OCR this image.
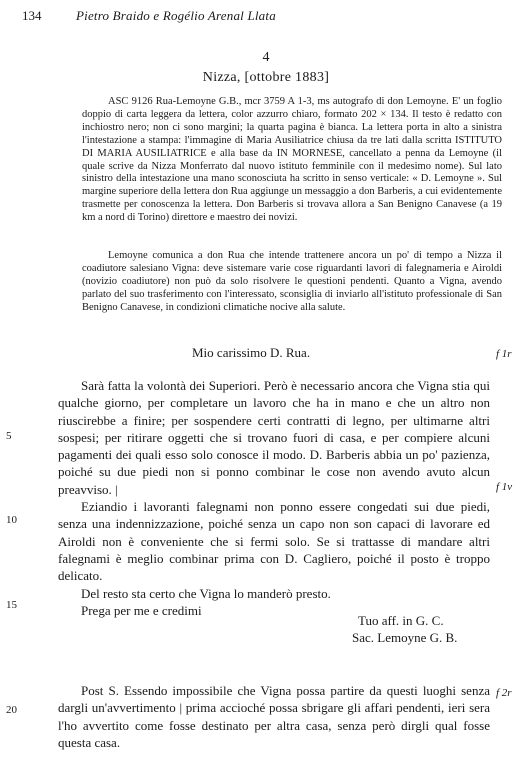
134	Pietro Braido e Rogélio Arenal Llata
4
Nizza, [ottobre 1883]

ASC 9126 Rua-Lemoyne G.B., mcr 3759 A 1-3, ms autografo di don Lemoyne. E' un foglio doppio di carta leggera da lettera, color azzurro chiaro, formato 202 × 134. Il testo è redatto con inchiostro nero; non ci sono margini; la quarta pagina è bianca. La lettera porta in alto a sinistra l'intestazione a stampa: l'immagine di Maria Ausiliatrice chiusa da tre lati dalla scritta ISTITUTO DI MARIA AUSILIATRICE e alla base da IN MORNESE, cancellato a penna da Lemoyne (il quale scrive da Nizza Monferrato dal nuovo istituto femminile con il medesimo nome). Sul lato sinistro della intestazione una mano sconosciuta ha scritto in senso verticale: « D. Lemoyne ». Sul margine superiore della lettera don Rua aggiunge un messaggio a don Barberis, a cui evidentemente trasmette per conoscenza la lettera. Don Barberis si trovava allora a San Benigno Canavese (a 19 km a nord di Torino) direttore e maestro dei novizi.

Lemoyne comunica a don Rua che intende trattenere ancora un po' di tempo a Nizza il coadiutore salesiano Vigna: deve sistemare varie cose riguardanti lavori di falegnameria e Airoldi (novizio coadiutore) non può da solo risolvere le questioni pendenti. Quanto a Vigna, avendo parlato del suo trasferimento con l'interessato, sconsiglia di inviarlo all'istituto professionale di San Benigno Canavese, in condizioni climatiche nocive alla salute.

Mio carissimo D. Rua.

Sarà fatta la volontà dei Superiori. Però è necessario ancora che Vigna stia qui qualche giorno, per completare un lavoro che ha in mano e che un altro non riuscirebbe a finire; per sospendere certi contratti di legno, per ultimarne altri sospesi; per ritirare oggetti che si trovano fuori di casa, e per compiere alcuni pagamenti dei quali esso solo conosce il modo. D. Barberis abbia un po' pazienza, poiché su due piedi non si ponno combinar le cose non avendo avuto alcun preavviso. |

Eziandio i lavoranti falegnami non ponno essere congedati sui due piedi, senza una indennizzazione, poiché senza un capo non son capaci di lavorare ed Airoldi non è conveniente che si fermi solo. Se si trattasse di mandare altri falegnami è meglio combinar prima con D. Cagliero, poiché il posto è troppo delicato.

Del resto sta certo che Vigna lo manderò presto.

Prega per me e credimi

Tuo aff. in G. C.
Sac. Lemoyne G. B.

Post S. Essendo impossibile che Vigna possa partire da questi luoghi senza dargli un'avvertimento | prima accioché possa sbrigare gli affari pendenti, ieri sera l'ho avvertito come fosse destinato per altra casa, senza però dirgli qual fosse questa casa.

5
10
15
20
f 1r
f 1v
f 2r
